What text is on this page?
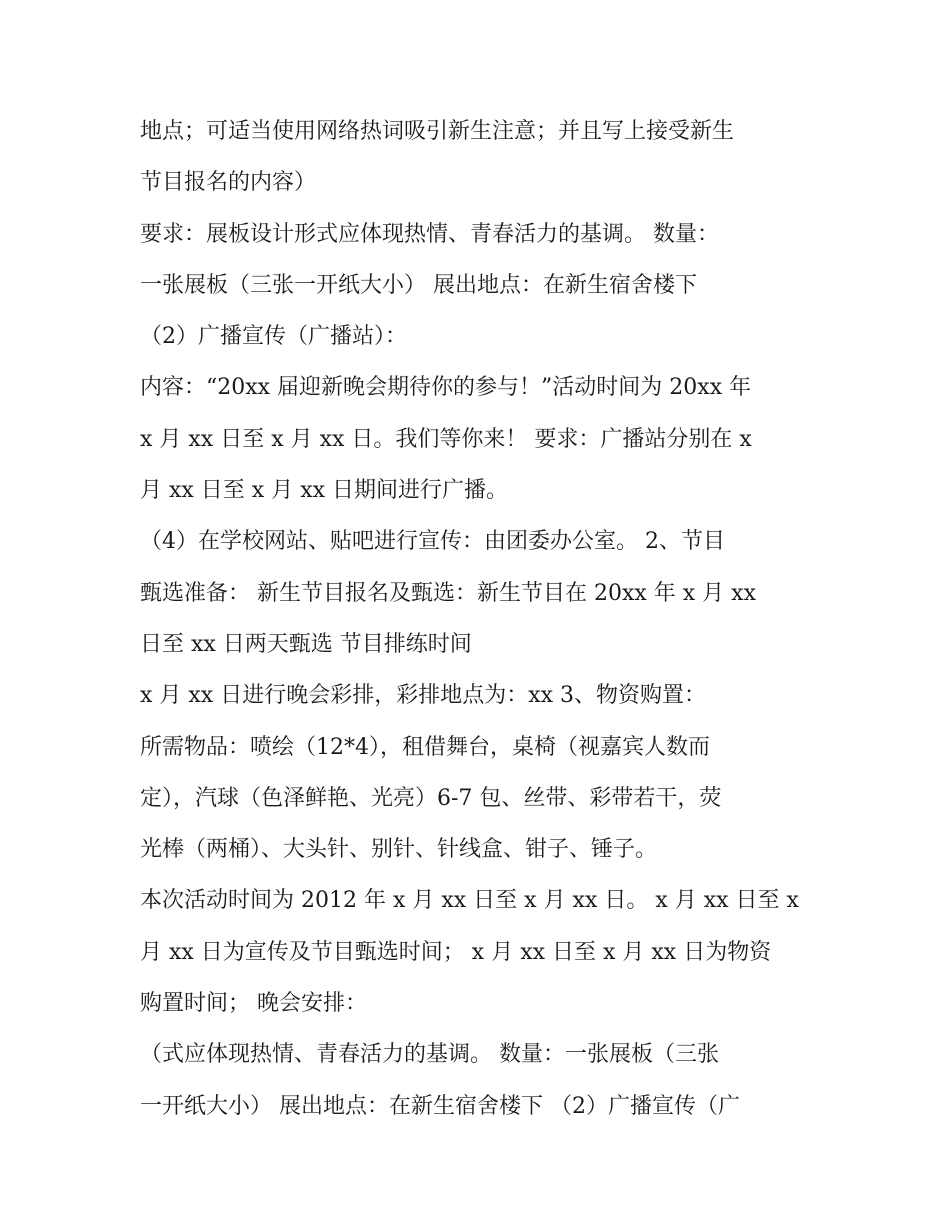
地点；可适当使用网络热词吸引新生注意；并且写上接受新生
节目报名的内容）
要求：展板设计形式应体现热情、青春活力的基调。 数量：
一张展板（三张一开纸大小） 展出地点：在新生宿舍楼下
（2）广播宣传（广播站）：
内容：“20xx 届迎新晚会期待你的参与！”活动时间为 20xx 年
x 月 xx 日至 x 月 xx 日。我们等你来！ 要求：广播站分别在 x
月 xx 日至 x 月 xx 日期间进行广播。
（4）在学校网站、贴吧进行宣传：由团委办公室。 2、节目
甄选准备： 新生节目报名及甄选：新生节目在 20xx 年 x 月 xx
日至 xx 日两天甄选 节目排练时间
x 月 xx 日进行晚会彩排，彩排地点为：xx 3、物资购置：
所需物品：喷绘（12*4），租借舞台，桌椅（视嘉宾人数而
定），汽球（色泽鲜艳、光亮）6-7 包、丝带、彩带若干，荧
光棒（两桶）、大头针、别针、针线盒、钳子、锤子。
本次活动时间为 2012 年 x 月 xx 日至 x 月 xx 日。 x 月 xx 日至 x
月 xx 日为宣传及节目甄选时间； x 月 xx 日至 x 月 xx 日为物资
购置时间； 晚会安排：
（式应体现热情、青春活力的基调。 数量：一张展板（三张
一开纸大小） 展出地点：在新生宿舍楼下 （2）广播宣传（广
